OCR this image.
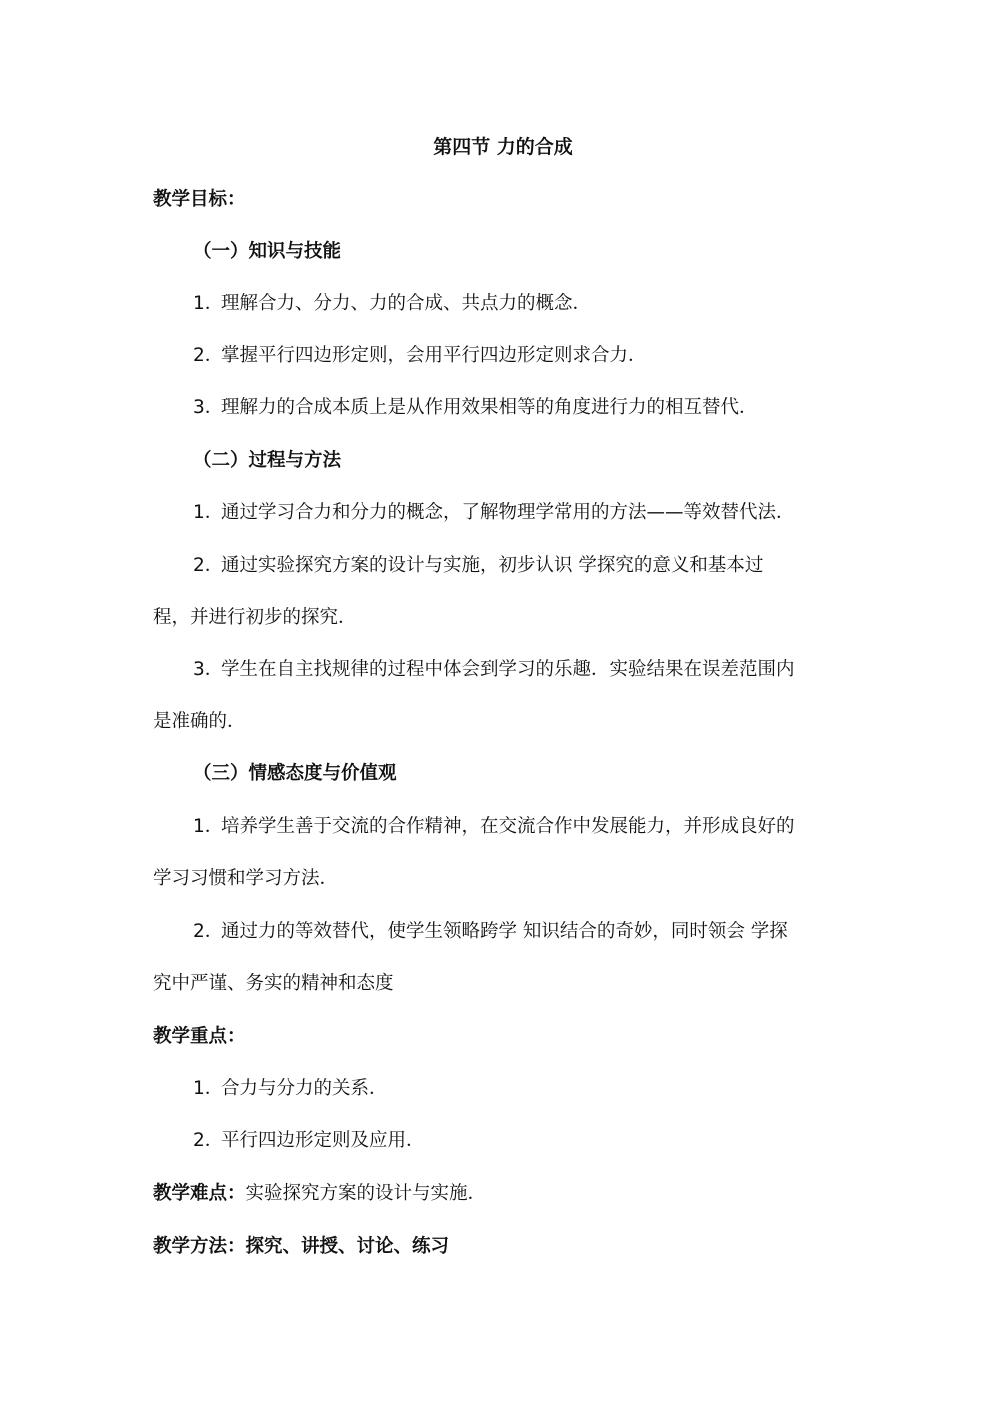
第四节 力的合成
教学目标：
（一）知识与技能
1．理解合力、分力、力的合成、共点力的概念．
2．掌握平行四边形定则，会用平行四边形定则求合力．
3．理解力的合成本质上是从作用效果相等的角度进行力的相互替代．
（二）过程与方法
1．通过学习合力和分力的概念，了解物理学常用的方法——等效替代法．
2．通过实验探究方案的设计与实施，初步认识 学探究的意义和基本过
程，并进行初步的探究．
3．学生在自主找规律的过程中体会到学习的乐趣．实验结果在误差范围内
是准确的．
（三）情感态度与价值观
1．培养学生善于交流的合作精神，在交流合作中发展能力，并形成良好的
学习习惯和学习方法．
2．通过力的等效替代，使学生领略跨学 知识结合的奇妙，同时领会 学探
究中严谨、务实的精神和态度
教学重点：
1．合力与分力的关系．
2．平行四边形定则及应用．
教学难点：实验探究方案的设计与实施．
教学方法：探究、讲授、讨论、练习
